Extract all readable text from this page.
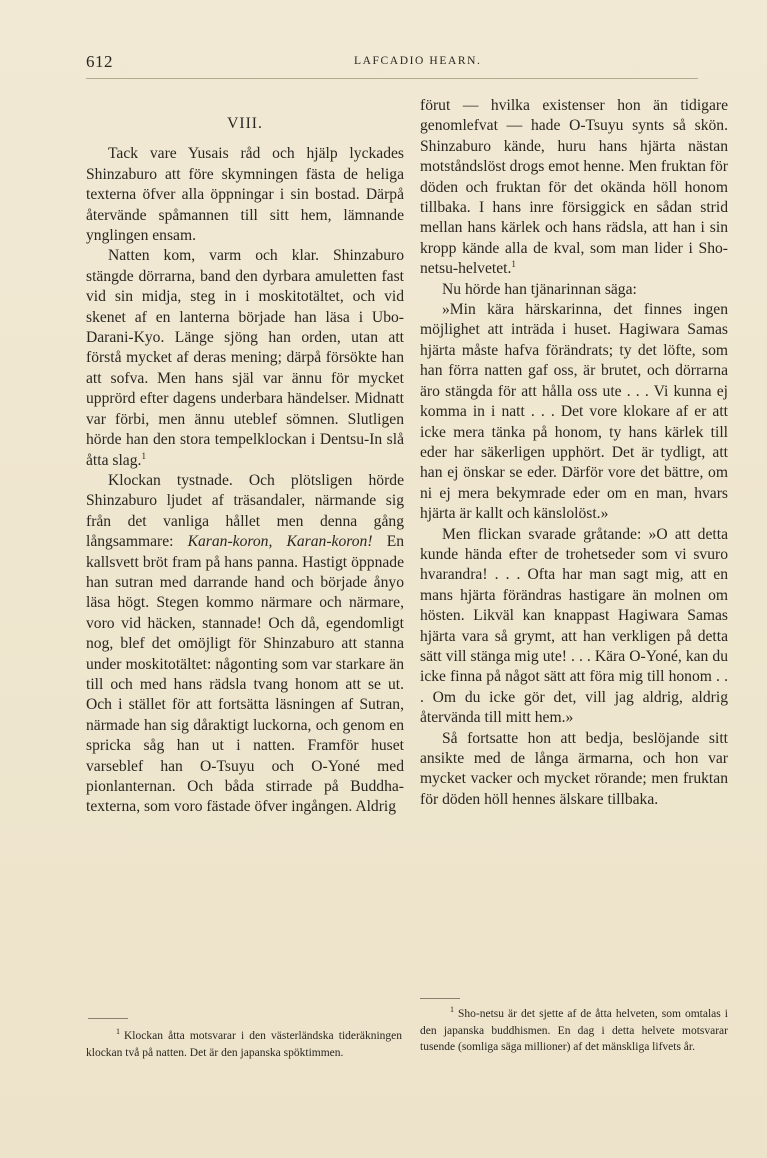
612	LAFCADIO HEARN.
VIII.

Tack vare Yusais råd och hjälp lyckades Shinzaburo att före skymningen fästa de heliga texterna öfver alla öppningar i sin bostad. Därpå återvände spåmannen till sitt hem, lämnande ynglingen ensam.

Natten kom, varm och klar. Shinzaburo stängde dörrarna, band den dyrbara amuletten fast vid sin midja, steg in i moskitotältet, och vid skenet af en lanterna började han läsa i Ubo-Darani-Kyo. Länge sjöng han orden, utan att förstå mycket af deras mening; därpå försökte han att sofva. Men hans själ var ännu för mycket upprörd efter dagens underbara händelser. Midnatt var förbi, men ännu uteblef sömnen. Slutligen hörde han den stora tempelklockan i Dentsu-In slå åtta slag.$^1$

Klockan tystnade. Och plötsligen hörde Shinzaburo ljudet af träsandaler, närmande sig från det vanliga hållet men denna gång långsammare: Karan-koron, Karan-koron! En kallsvett bröt fram på hans panna. Hastigt öppnade han sutran med darrande hand och började ånyo läsa högt. Stegen kommo närmare och närmare, voro vid häcken, stannade! Och då, egendomligt nog, blef det omöjligt för Shinzaburo att stanna under moskitotältet: någonting som var starkare än till och med hans rädsla tvang honom att se ut. Och i stället för att fortsätta läsningen af Sutran, närmade han sig dåraktigt luckorna, och genom en spricka såg han ut i natten. Framför huset varseblef han O-Tsuyu och O-Yoné med pionlanternan. Och båda stirrade på Buddha-texterna, som voro fästade öfver ingången. Aldrig

$^1$ Klockan åtta motsvarar i den västerländska tideräkningen klockan två på natten. Det är den japanska spöktimmen.

förut — hvilka existenser hon än tidigare genomlefvat — hade O-Tsuyu synts så skön. Shinzaburo kände, huru hans hjärta nästan motståndslöst drogs emot henne. Men fruktan för döden och fruktan för det okända höll honom tillbaka. I hans inre försiggick en sådan strid mellan hans kärlek och hans rädsla, att han i sin kropp kände alla de kval, som man lider i Sho-netsu-helvetet.$^1$

Nu hörde han tjänarinnan säga:

»Min kära härskarinna, det finnes ingen möjlighet att inträda i huset. Hagiwara Samas hjärta måste hafva förändrats; ty det löfte, som han förra natten gaf oss, är brutet, och dörrarna äro stängda för att hålla oss ute . . . Vi kunna ej komma in i natt . . . Det vore klokare af er att icke mera tänka på honom, ty hans kärlek till eder har säkerligen upphört. Det är tydligt, att han ej önskar se eder. Därför vore det bättre, om ni ej mera bekymrade eder om en man, hvars hjärta är kallt och känslolöst.»

Men flickan svarade gråtande: »O att detta kunde hända efter de trohetseder som vi svuro hvarandra! . . . Ofta har man sagt mig, att en mans hjärta förändras hastigare än molnen om hösten. Likväl kan knappast Hagiwara Samas hjärta vara så grymt, att han verkligen på detta sätt vill stänga mig ute! . . . Kära O-Yoné, kan du icke finna på något sätt att föra mig till honom . . . Om du icke gör det, vill jag aldrig, aldrig återvända till mitt hem.»

Så fortsatte hon att bedja, beslöjande sitt ansikte med de långa ärmarna, och hon var mycket vacker och mycket rörande; men fruktan för döden höll hennes älskare tillbaka.

$^1$ Sho-netsu är det sjette af de åtta helveten, som omtalas i den japanska buddhismen. En dag i detta helvete motsvarar tusende (somliga säga millioner) af det mänskliga lifvets år.
